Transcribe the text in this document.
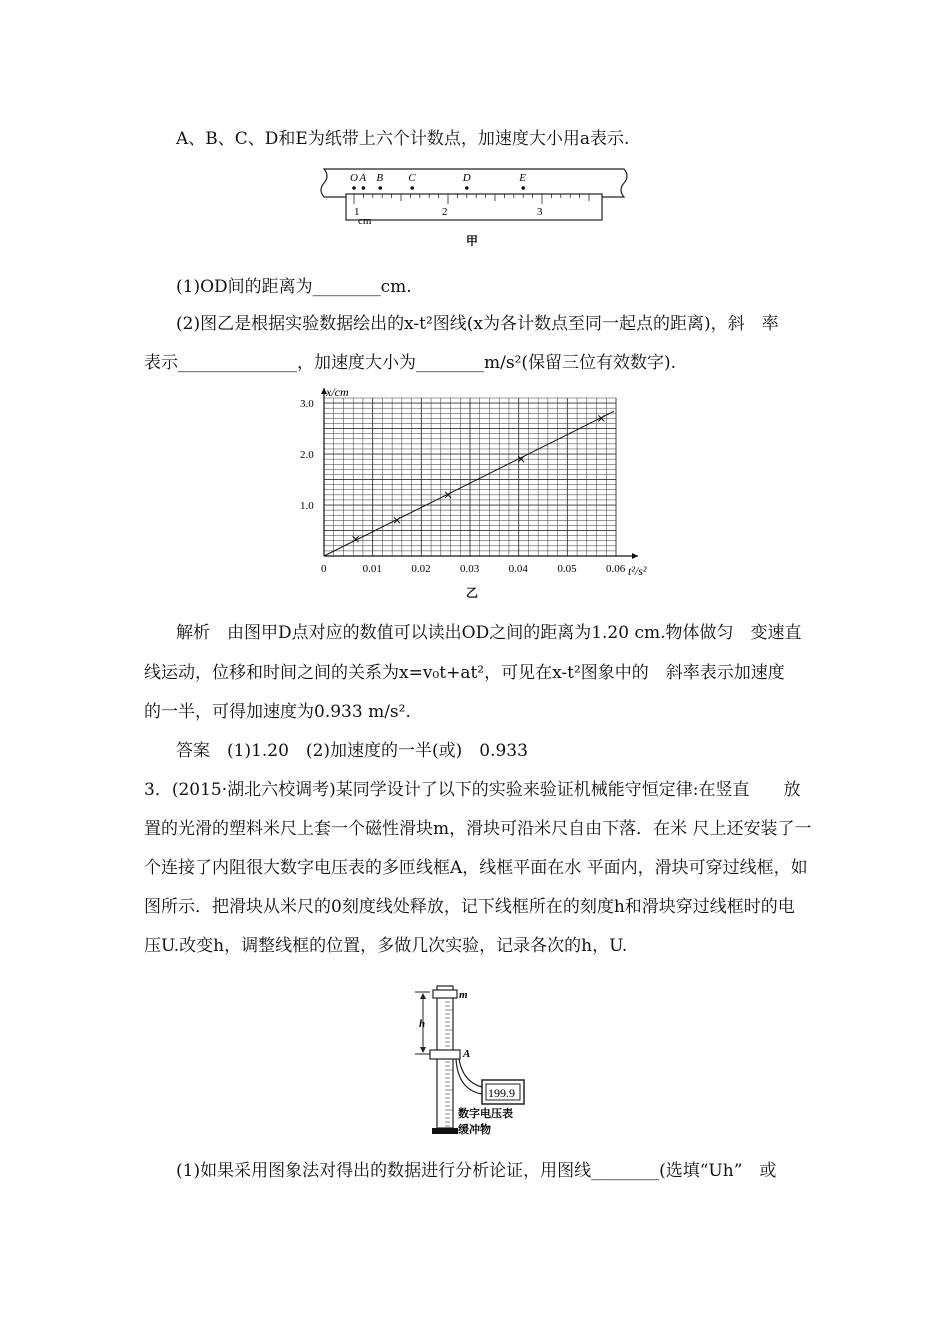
A、B、C、D和E为纸带上六个计数点，加速度大小用a表示.
O A B C	D	E
1	2	3
cm
甲
(1)OD间的距离为________cm.
(2)图乙是根据实验数据绘出的x-t²图线(x为各计数点至同一起点的距离)，斜　率
表示______________，加速度大小为________m/s²(保留三位有效数字).
0	0.01	0.02	0.03	0.04	0.05	0.06
1.0
2.0
3.0
x/cm
t²/s²
乙
解析　由图甲D点对应的数值可以读出OD之间的距离为1.20 cm.物体做匀　变速直
线运动，位移和时间之间的关系为x=v₀t+at²，可见在x-t²图象中的　斜率表示加速度
的一半，可得加速度为0.933 m/s².
答案　(1)1.20　(2)加速度的一半(或)　0.933
3．(2015·湖北六校调考)某同学设计了以下的实验来验证机械能守恒定律:在竖直　　放
置的光滑的塑料米尺上套一个磁性滑块m，滑块可沿米尺自由下落．在米 尺上还安装了一
个连接了内阻很大数字电压表的多匝线框A，线框平面在水 平面内，滑块可穿过线框，如
图所示．把滑块从米尺的0刻度线处释放，记下线框所在的刻度h和滑块穿过线框时的电
压U.改变h，调整线框的位置，多做几次实验，记录各次的h，U.
m
h
A
199.9
数字电压表
缓冲物
(1)如果采用图象法对得出的数据进行分析论证，用图线________(选填“Uh”　或
